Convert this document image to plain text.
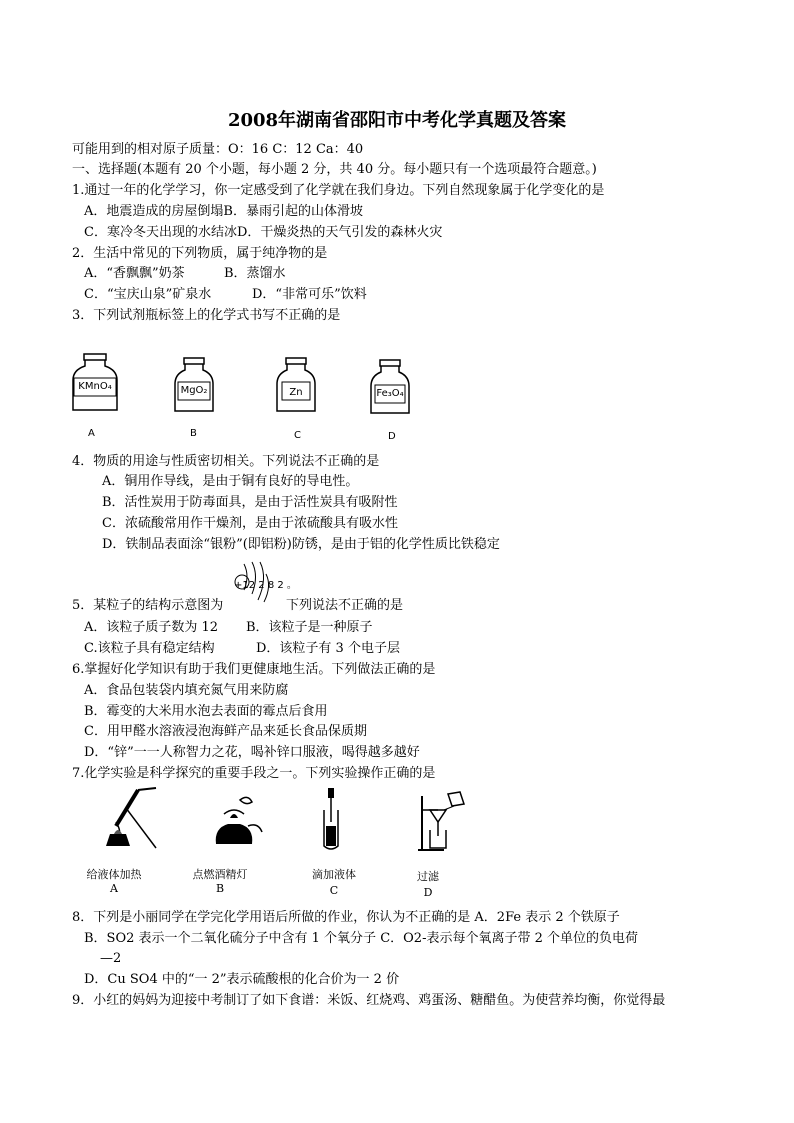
2008年湖南省邵阳市中考化学真题及答案
可能用到的相对原子质量：O：16 C：12 Ca：40
一、选择题(本题有 20 个小题，每小题 2 分，共 40 分。每小题只有一个选项最符合题意。)
1.通过一年的化学学习，你一定感受到了化学就在我们身边。下列自然现象属于化学变化的是
A．地震造成的房屋倒塌B．暴雨引起的山体滑坡
C．寒冷冬天出现的水结冰D．干燥炎热的天气引发的森林火灾
2．生活中常见的下列物质，属于纯净物的是
A．“香飘飘”奶茶	B．蒸馏水
C．“宝庆山泉”矿泉水	D．“非常可乐”饮料
3．下列试剂瓶标签上的化学式书写不正确的是
KMnO₄
A
MgO₂
B
Zn
C
Fe₃O₄
D
4．物质的用途与性质密切相关。下列说法不正确的是
A．铜用作导线，是由于铜有良好的导电性。
B．活性炭用于防毒面具，是由于活性炭具有吸附性
C．浓硫酸常用作干燥剂，是由于浓硫酸具有吸水性
D．铁制品表面涂“银粉”(即铝粉)防锈，是由于铝的化学性质比铁稳定
+12 2 8 2 。
5．某粒子的结构示意图为	下列说法不正确的是
A．该粒子质子数为 12 B．该粒子是一种原子
C.该粒子具有稳定结构	D．该粒子有 3 个电子层
6.掌握好化学知识有助于我们更健康地生活。下列做法正确的是
A．食品包装袋内填充氮气用来防腐
B．霉变的大米用水泡去表面的霉点后食用
C．用甲醛水溶液浸泡海鲜产品来延长食品保质期
D．“锌”一一人称智力之花，喝补锌口服液，喝得越多越好
7.化学实验是科学探究的重要手段之一。下列实验操作正确的是
给液体加热
A
点燃酒精灯
B
滴加液体
C
过滤
D
8．下列是小丽同学在学完化学用语后所做的作业，你认为不正确的是 A．2Fe 表示 2 个铁原子
B．SO2 表示一个二氧化硫分子中含有 1 个氧分子 C．O2-表示每个氧离子带 2 个单位的负电荷
—2
D．Cu SO4 中的“一 2”表示硫酸根的化合价为一 2 价
9．小红的妈妈为迎接中考制订了如下食谱：米饭、红烧鸡、鸡蛋汤、糖醋鱼。为使营养均衡，你觉得最
